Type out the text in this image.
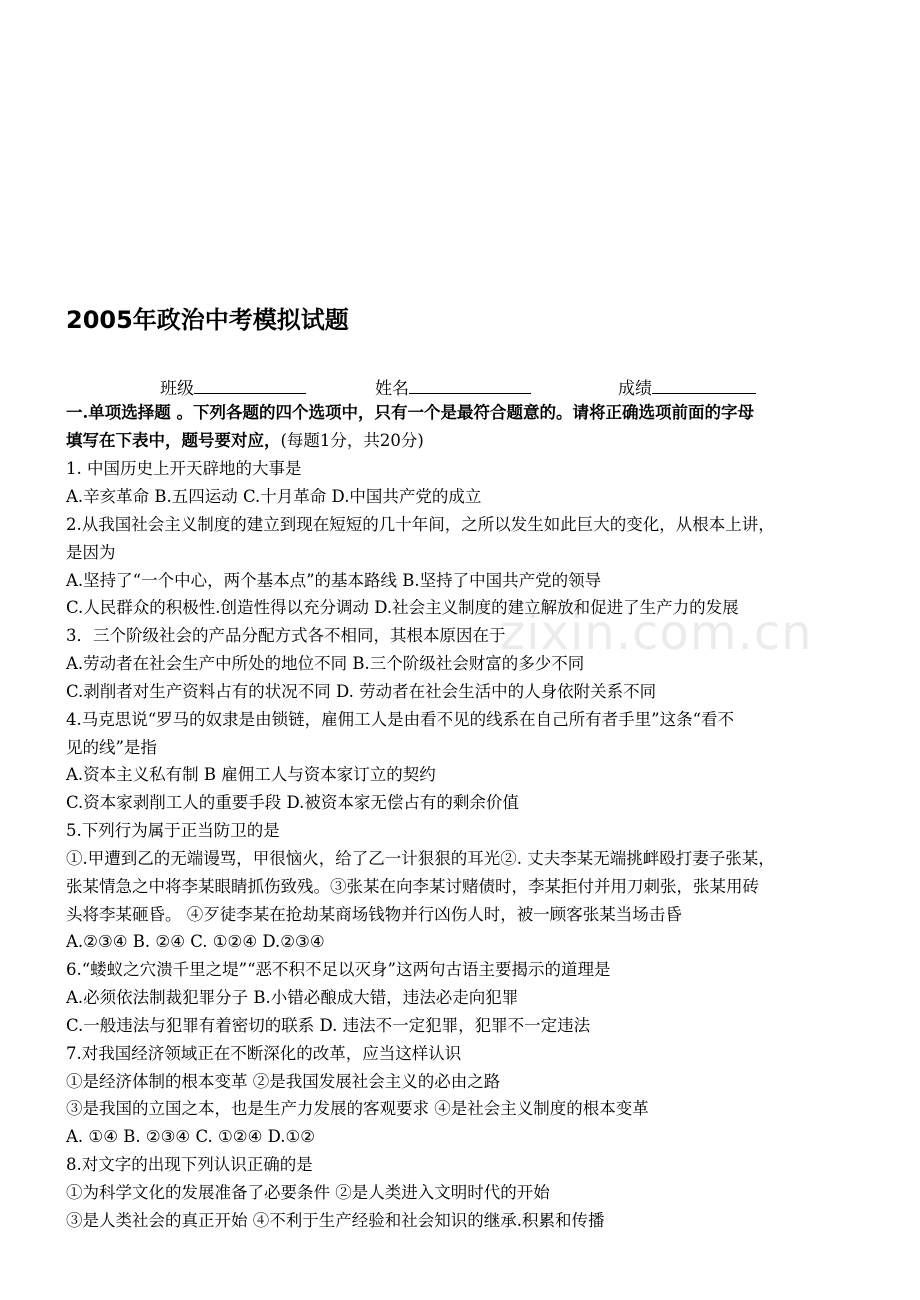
2005年政治中考模拟试题
班级	姓名	成绩
一.单项选择题 。下列各题的四个选项中，只有一个是最符合题意的。请将正确选项前面的字母
填写在下表中，题号要对应，(每题1分，共20分)
1. 中国历史上开天辟地的大事是
A.辛亥革命 B.五四运动 C.十月革命 D.中国共产党的成立
2.从我国社会主义制度的建立到现在短短的几十年间，之所以发生如此巨大的变化，从根本上讲，
是因为
A.坚持了“一个中心，两个基本点”的基本路线 B.坚持了中国共产党的领导
C.人民群众的积极性.创造性得以充分调动 D.社会主义制度的建立解放和促进了生产力的发展
3．三个阶级社会的产品分配方式各不相同，其根本原因在于
A.劳动者在社会生产中所处的地位不同 B.三个阶级社会财富的多少不同
C.剥削者对生产资料占有的状况不同 D. 劳动者在社会生活中的人身依附关系不同
4.马克思说“罗马的奴隶是由锁链，雇佣工人是由看不见的线系在自己所有者手里”这条“看不
见的线”是指
A.资本主义私有制 B 雇佣工人与资本家订立的契约
C.资本家剥削工人的重要手段 D.被资本家无偿占有的剩余价值
5.下列行为属于正当防卫的是
①.甲遭到乙的无端谩骂，甲很恼火，给了乙一计狠狠的耳光②. 丈夫李某无端挑衅殴打妻子张某，
张某情急之中将李某眼睛抓伤致残。③张某在向李某讨赌债时，李某拒付并用刀刺张，张某用砖
头将李某砸昏。 ④歹徒李某在抢劫某商场钱物并行凶伤人时，被一顾客张某当场击昏
A.②③④ B. ②④ C. ①②④ D.②③④
6.“蝼蚁之穴溃千里之堤”“恶不积不足以灭身”这两句古语主要揭示的道理是
A.必须依法制裁犯罪分子 B.小错必酿成大错，违法必走向犯罪
C.一般违法与犯罪有着密切的联系 D. 违法不一定犯罪，犯罪不一定违法
7.对我国经济领域正在不断深化的改革，应当这样认识
①是经济体制的根本变革 ②是我国发展社会主义的必由之路
③是我国的立国之本，也是生产力发展的客观要求 ④是社会主义制度的根本变革
A. ①④ B. ②③④ C. ①②④ D.①②
8.对文字的出现下列认识正确的是
①为科学文化的发展准备了必要条件 ②是人类进入文明时代的开始
③是人类社会的真正开始 ④不利于生产经验和社会知识的继承.积累和传播
zixin.com.cn
